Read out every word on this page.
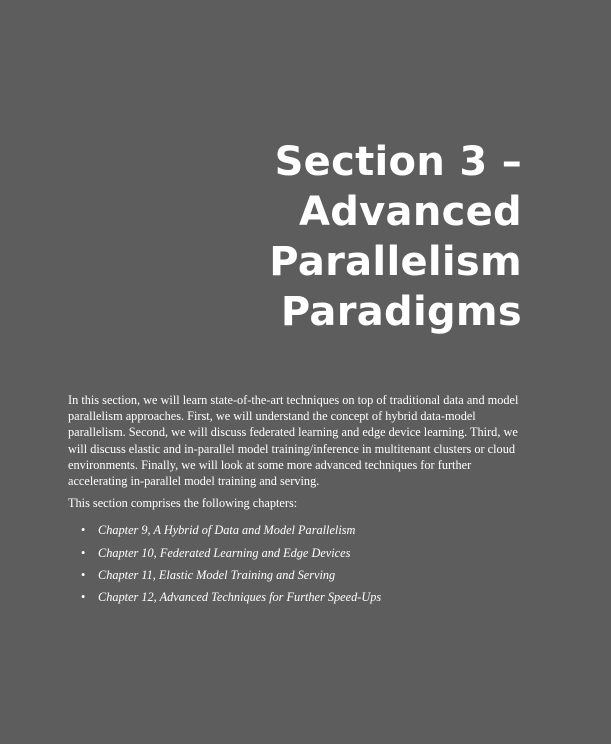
Section 3 –
Advanced
Parallelism
Paradigms

In this section, we will learn state-of-the-art techniques on top of traditional data and model parallelism approaches. First, we will understand the concept of hybrid data-model parallelism. Second, we will discuss federated learning and edge device learning. Third, we will discuss elastic and in-parallel model training/inference in multitenant clusters or cloud environments. Finally, we will look at some more advanced techniques for further accelerating in-parallel model training and serving.

This section comprises the following chapters:

• Chapter 9, A Hybrid of Data and Model Parallelism
• Chapter 10, Federated Learning and Edge Devices
• Chapter 11, Elastic Model Training and Serving
• Chapter 12, Advanced Techniques for Further Speed-Ups
